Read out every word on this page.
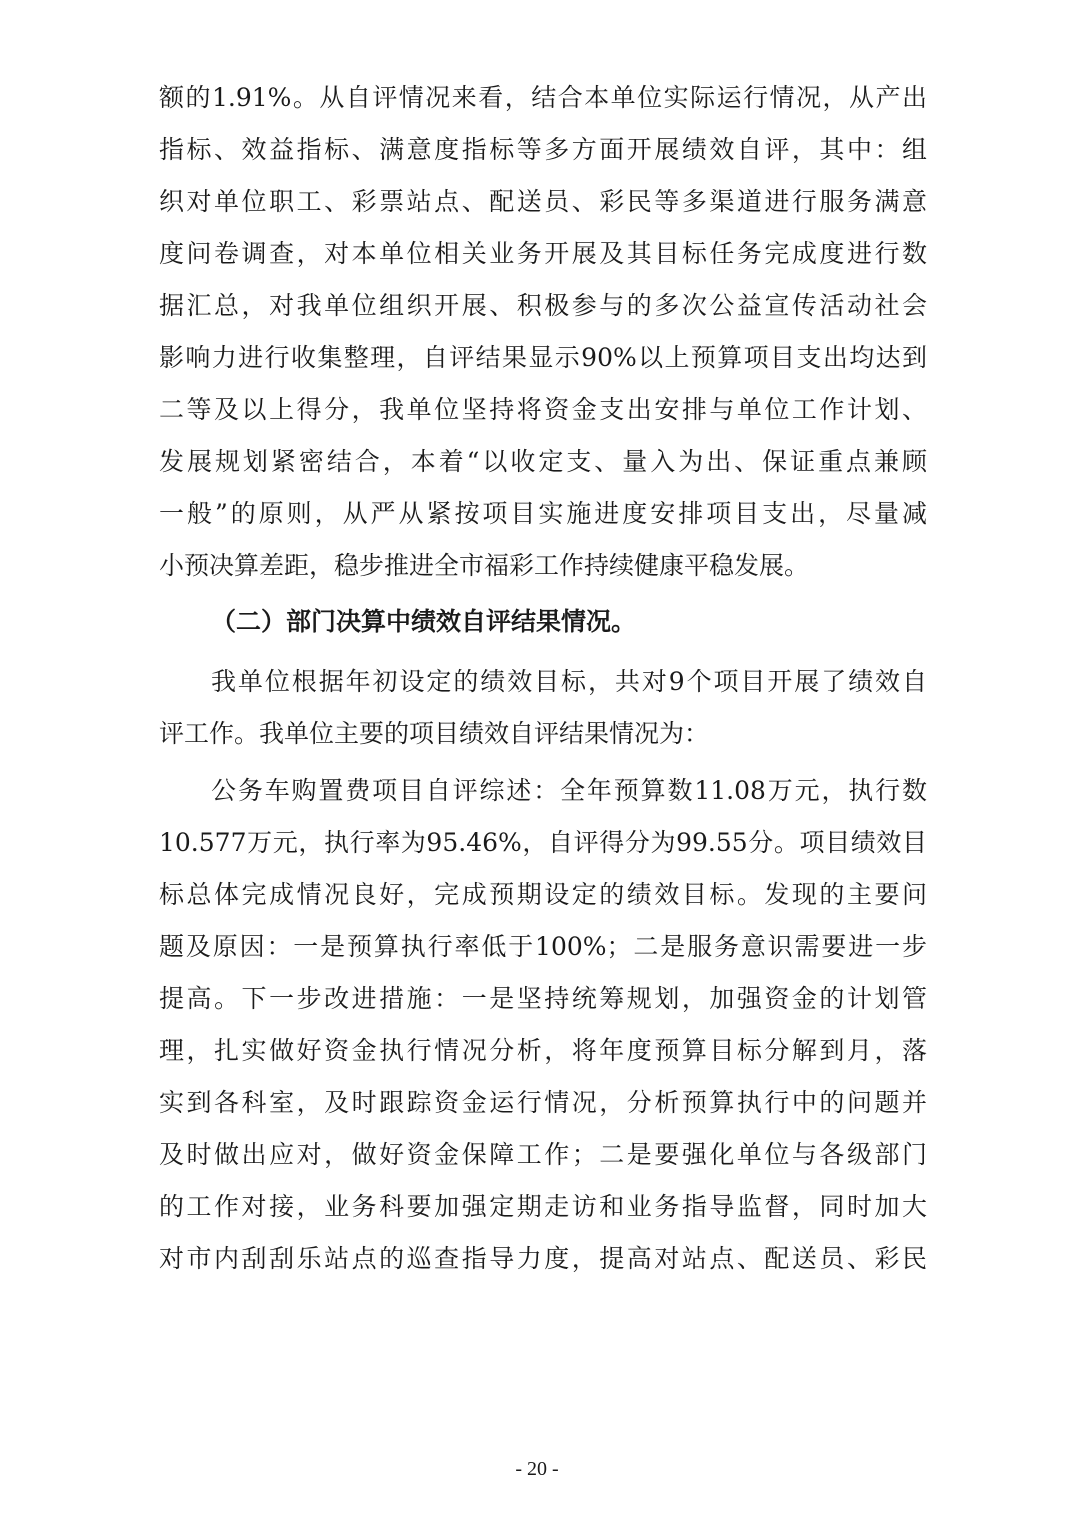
额的1.91%。从自评情况来看，结合本单位实际运行情况，从产出
指标、效益指标、满意度指标等多方面开展绩效自评，其中：组
织对单位职工、彩票站点、配送员、彩民等多渠道进行服务满意
度问卷调查，对本单位相关业务开展及其目标任务完成度进行数
据汇总，对我单位组织开展、积极参与的多次公益宣传活动社会
影响力进行收集整理，自评结果显示90%以上预算项目支出均达到
二等及以上得分，我单位坚持将资金支出安排与单位工作计划、
发展规划紧密结合，本着“以收定支、量入为出、保证重点兼顾
一般”的原则，从严从紧按项目实施进度安排项目支出，尽量减
小预决算差距，稳步推进全市福彩工作持续健康平稳发展。
（二）部门决算中绩效自评结果情况。
我单位根据年初设定的绩效目标，共对9个项目开展了绩效自
评工作。我单位主要的项目绩效自评结果情况为：
公务车购置费项目自评综述：全年预算数11.08万元，执行数
10.577万元，执行率为95.46%，自评得分为99.55分。项目绩效目
标总体完成情况良好，完成预期设定的绩效目标。发现的主要问
题及原因：一是预算执行率低于100%；二是服务意识需要进一步
提高。下一步改进措施：一是坚持统筹规划，加强资金的计划管
理，扎实做好资金执行情况分析，将年度预算目标分解到月，落
实到各科室，及时跟踪资金运行情况，分析预算执行中的问题并
及时做出应对，做好资金保障工作；二是要强化单位与各级部门
的工作对接，业务科要加强定期走访和业务指导监督，同时加大
对市内刮刮乐站点的巡查指导力度，提高对站点、配送员、彩民
- 20 -
